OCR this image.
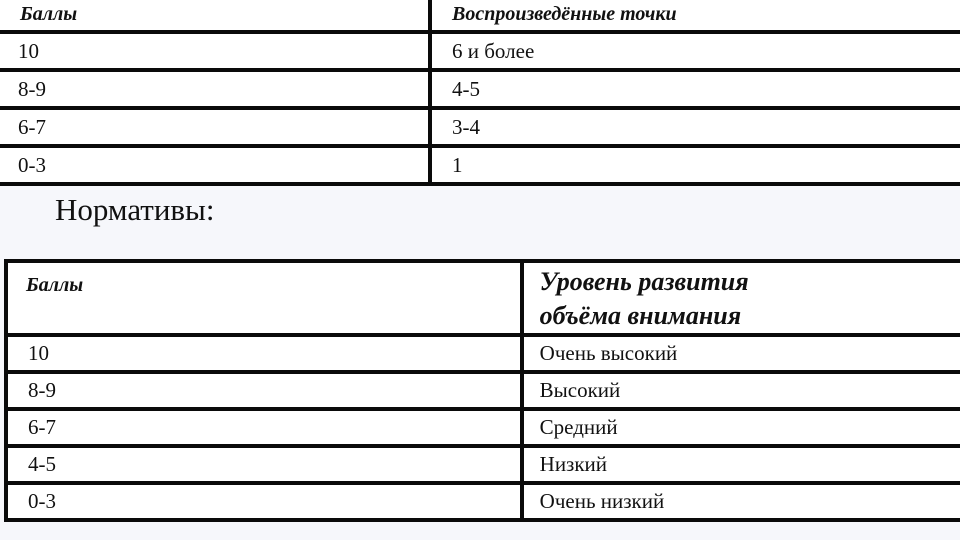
Баллы	Воспроизведённые точки
10	6 и более
8-9	4-5
6-7	3-4
0-3	1

Нормативы:

Баллы	Уровень развития
объёма внимания

10	Очень высокий
8-9	Высокий
6-7	Средний
4-5	Низкий
0-3	Очень низкий
